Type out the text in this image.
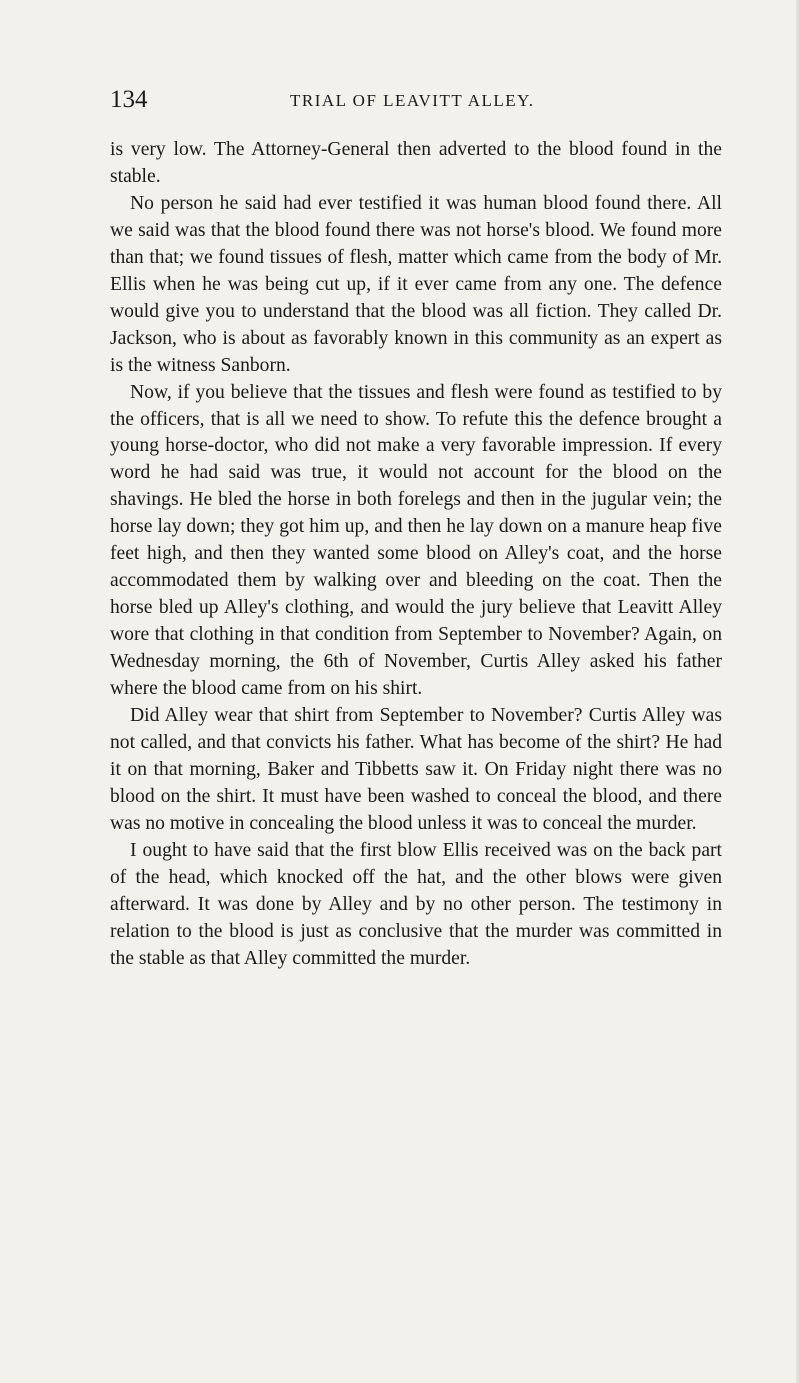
134	TRIAL OF LEAVITT ALLEY.

is very low. The Attorney-General then adverted to the blood found in the stable.

No person he said had ever testified it was human blood found there. All we said was that the blood found there was not horse's blood. We found more than that; we found tissues of flesh, matter which came from the body of Mr. Ellis when he was being cut up, if it ever came from any one. The defence would give you to understand that the blood was all fiction. They called Dr. Jackson, who is about as favorably known in this community as an expert as is the witness Sanborn.

Now, if you believe that the tissues and flesh were found as testified to by the officers, that is all we need to show. To refute this the defence brought a young horse-doctor, who did not make a very favorable impression. If every word he had said was true, it would not account for the blood on the shavings. He bled the horse in both forelegs and then in the jugular vein; the horse lay down; they got him up, and then he lay down on a manure heap five feet high, and then they wanted some blood on Alley's coat, and the horse accommodated them by walking over and bleeding on the coat. Then the horse bled up Alley's clothing, and would the jury believe that Leavitt Alley wore that clothing in that condition from September to November? Again, on Wednesday morning, the 6th of November, Curtis Alley asked his father where the blood came from on his shirt.

Did Alley wear that shirt from September to November? Curtis Alley was not called, and that convicts his father. What has become of the shirt? He had it on that morning, Baker and Tibbetts saw it. On Friday night there was no blood on the shirt. It must have been washed to conceal the blood, and there was no motive in concealing the blood unless it was to conceal the murder.

I ought to have said that the first blow Ellis received was on the back part of the head, which knocked off the hat, and the other blows were given afterward. It was done by Alley and by no other person. The testimony in relation to the blood is just as conclusive that the murder was committed in the stable as that Alley committed the murder.
